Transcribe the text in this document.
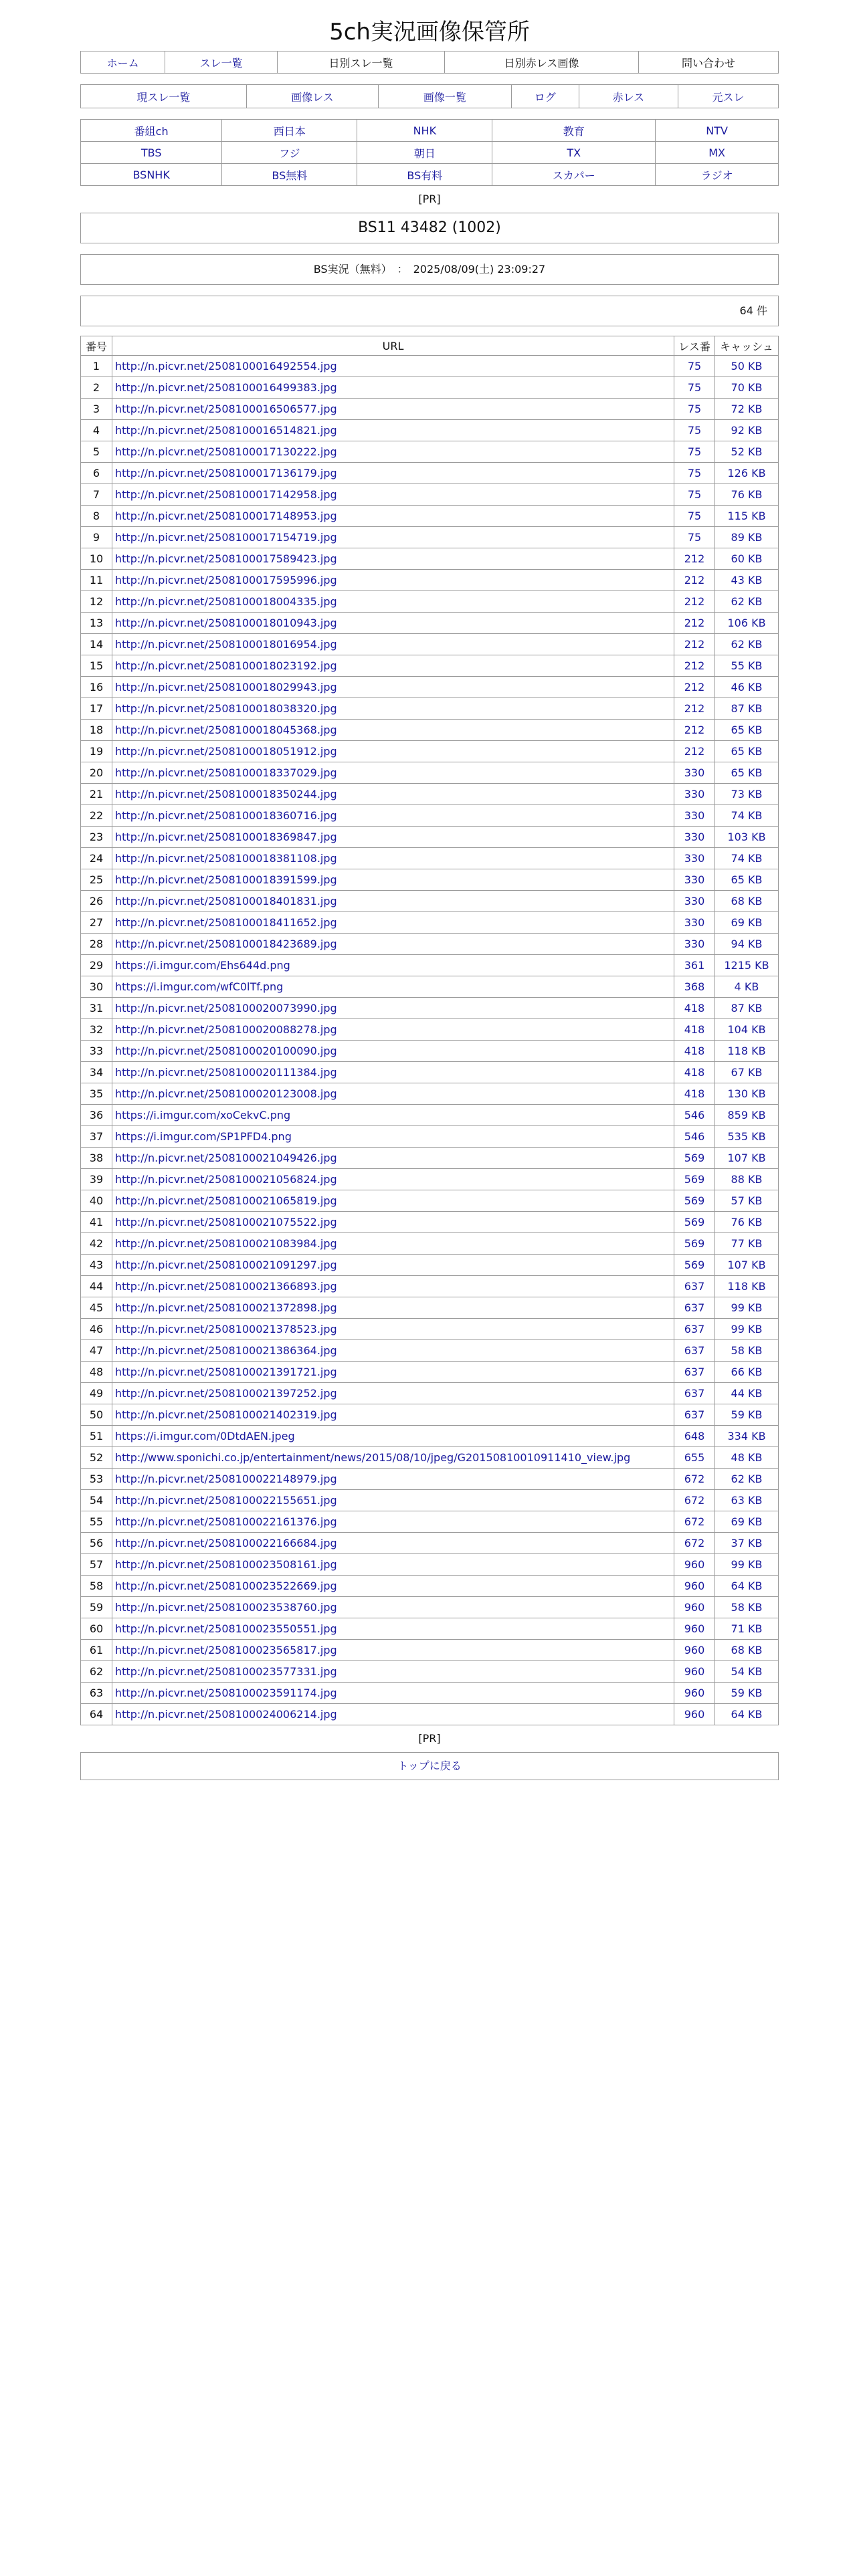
5ch実況画像保管所
ホーム	スレ一覧	日別スレ一覧	日別赤レス画像	問い合わせ
現スレ一覧	画像レス	画像一覧	ログ	赤レス	元スレ
番組ch	西日本	NHK	教育	NTV
TBS	フジ	朝日	TX	MX
BSNHK	BS無料	BS有料	スカパー	ラジオ
[PR]
BS11 43482 (1002)
BS実況（無料）　：　2025/08/09(土) 23:09:27
64 件
番号	URL	レス番	キャッシュ
1	http://n.picvr.net/2508100016492554.jpg	75	50 KB
2	http://n.picvr.net/2508100016499383.jpg	75	70 KB
3	http://n.picvr.net/2508100016506577.jpg	75	72 KB
4	http://n.picvr.net/2508100016514821.jpg	75	92 KB
5	http://n.picvr.net/2508100017130222.jpg	75	52 KB
6	http://n.picvr.net/2508100017136179.jpg	75	126 KB
7	http://n.picvr.net/2508100017142958.jpg	75	76 KB
8	http://n.picvr.net/2508100017148953.jpg	75	115 KB
9	http://n.picvr.net/2508100017154719.jpg	75	89 KB
10	http://n.picvr.net/2508100017589423.jpg	212	60 KB
11	http://n.picvr.net/2508100017595996.jpg	212	43 KB
12	http://n.picvr.net/2508100018004335.jpg	212	62 KB
13	http://n.picvr.net/2508100018010943.jpg	212	106 KB
14	http://n.picvr.net/2508100018016954.jpg	212	62 KB
15	http://n.picvr.net/2508100018023192.jpg	212	55 KB
16	http://n.picvr.net/2508100018029943.jpg	212	46 KB
17	http://n.picvr.net/2508100018038320.jpg	212	87 KB
18	http://n.picvr.net/2508100018045368.jpg	212	65 KB
19	http://n.picvr.net/2508100018051912.jpg	212	65 KB
20	http://n.picvr.net/2508100018337029.jpg	330	65 KB
21	http://n.picvr.net/2508100018350244.jpg	330	73 KB
22	http://n.picvr.net/2508100018360716.jpg	330	74 KB
23	http://n.picvr.net/2508100018369847.jpg	330	103 KB
24	http://n.picvr.net/2508100018381108.jpg	330	74 KB
25	http://n.picvr.net/2508100018391599.jpg	330	65 KB
26	http://n.picvr.net/2508100018401831.jpg	330	68 KB
27	http://n.picvr.net/2508100018411652.jpg	330	69 KB
28	http://n.picvr.net/2508100018423689.jpg	330	94 KB
29	https://i.imgur.com/Ehs644d.png	361	1215 KB
30	https://i.imgur.com/wfC0lTf.png	368	4 KB
31	http://n.picvr.net/2508100020073990.jpg	418	87 KB
32	http://n.picvr.net/2508100020088278.jpg	418	104 KB
33	http://n.picvr.net/2508100020100090.jpg	418	118 KB
34	http://n.picvr.net/2508100020111384.jpg	418	67 KB
35	http://n.picvr.net/2508100020123008.jpg	418	130 KB
36	https://i.imgur.com/xoCekvC.png	546	859 KB
37	https://i.imgur.com/SP1PFD4.png	546	535 KB
38	http://n.picvr.net/2508100021049426.jpg	569	107 KB
39	http://n.picvr.net/2508100021056824.jpg	569	88 KB
40	http://n.picvr.net/2508100021065819.jpg	569	57 KB
41	http://n.picvr.net/2508100021075522.jpg	569	76 KB
42	http://n.picvr.net/2508100021083984.jpg	569	77 KB
43	http://n.picvr.net/2508100021091297.jpg	569	107 KB
44	http://n.picvr.net/2508100021366893.jpg	637	118 KB
45	http://n.picvr.net/2508100021372898.jpg	637	99 KB
46	http://n.picvr.net/2508100021378523.jpg	637	99 KB
47	http://n.picvr.net/2508100021386364.jpg	637	58 KB
48	http://n.picvr.net/2508100021391721.jpg	637	66 KB
49	http://n.picvr.net/2508100021397252.jpg	637	44 KB
50	http://n.picvr.net/2508100021402319.jpg	637	59 KB
51	https://i.imgur.com/0DtdAEN.jpeg	648	334 KB
52	http://www.sponichi.co.jp/entertainment/news/2015/08/10/jpeg/G20150810010911410_view.jpg	655	48 KB
53	http://n.picvr.net/2508100022148979.jpg	672	62 KB
54	http://n.picvr.net/2508100022155651.jpg	672	63 KB
55	http://n.picvr.net/2508100022161376.jpg	672	69 KB
56	http://n.picvr.net/2508100022166684.jpg	672	37 KB
57	http://n.picvr.net/2508100023508161.jpg	960	99 KB
58	http://n.picvr.net/2508100023522669.jpg	960	64 KB
59	http://n.picvr.net/2508100023538760.jpg	960	58 KB
60	http://n.picvr.net/2508100023550551.jpg	960	71 KB
61	http://n.picvr.net/2508100023565817.jpg	960	68 KB
62	http://n.picvr.net/2508100023577331.jpg	960	54 KB
63	http://n.picvr.net/2508100023591174.jpg	960	59 KB
64	http://n.picvr.net/2508100024006214.jpg	960	64 KB
[PR]
トップに戻る
